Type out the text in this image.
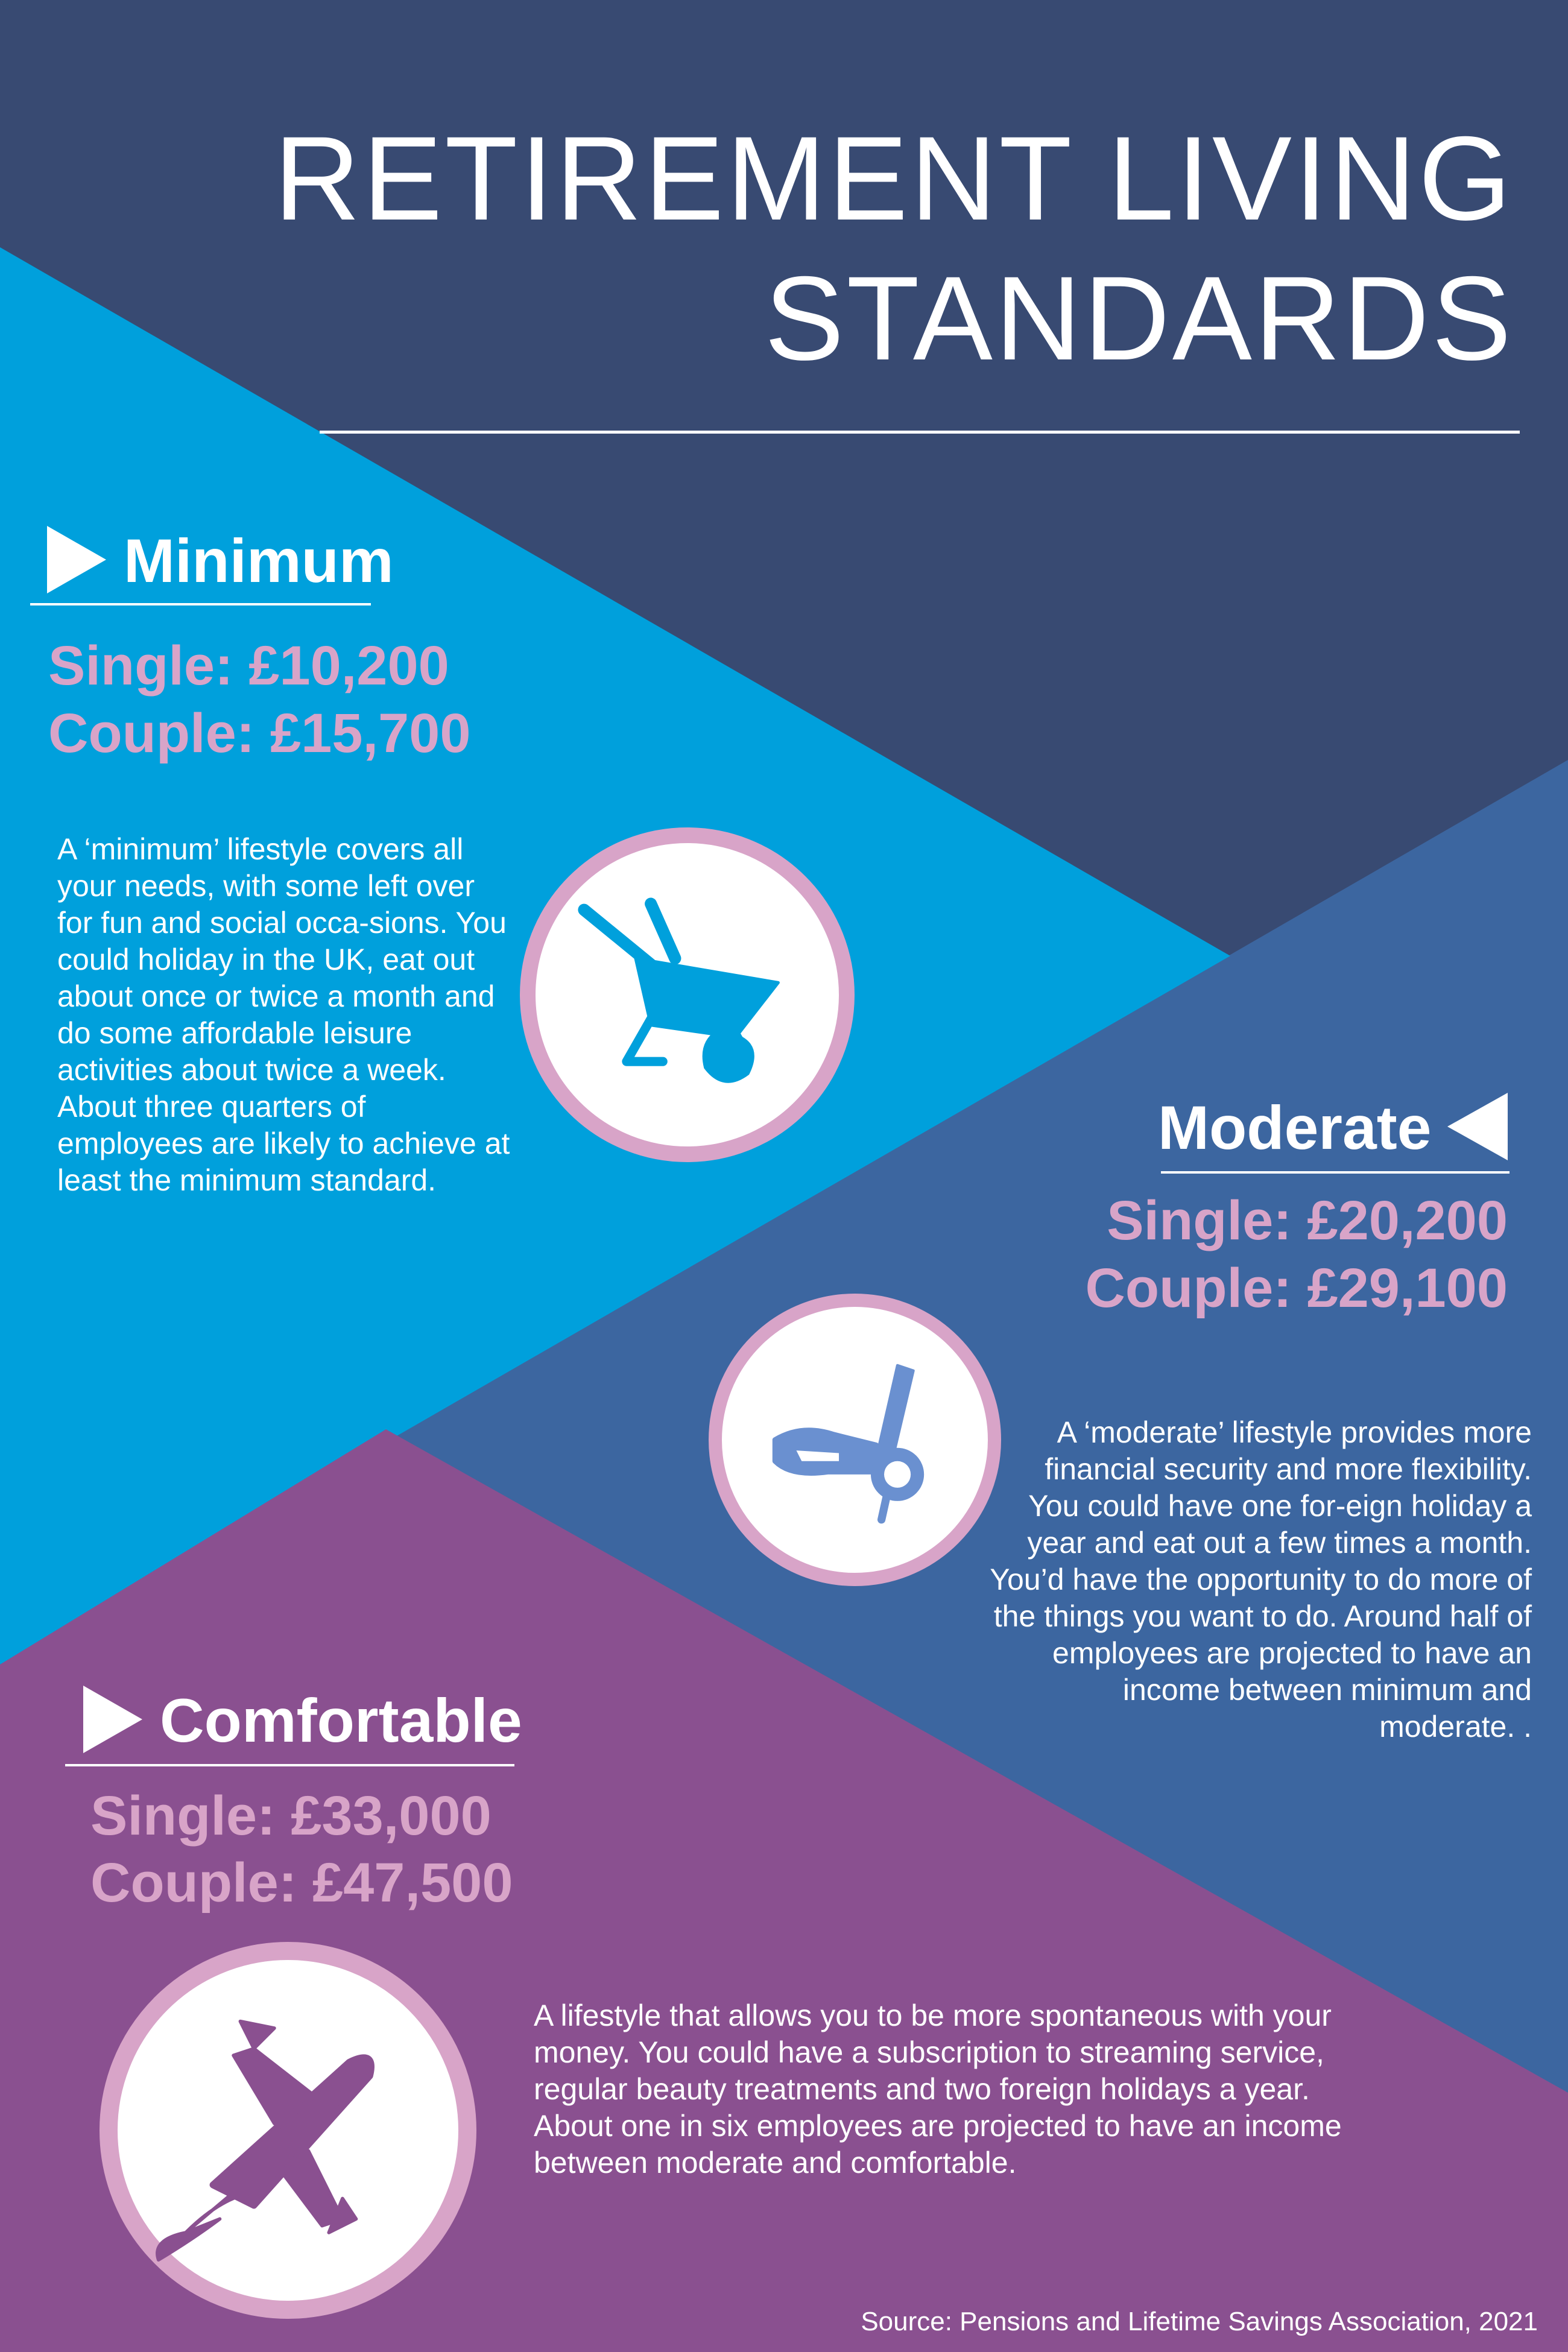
RETIREMENT LIVING
STANDARDS
Minimum
Single: £10,200
Couple: £15,700
A ‘minimum’ lifestyle covers all your needs, with some left over for fun and social occa-sions. You could holiday in the UK, eat out about once or twice a month and do some affordable leisure activities about twice a week. About three quarters of employees are likely to achieve at least the minimum standard.
Moderate
Single: £20,200
Couple: £29,100
A ‘moderate’ lifestyle provides more financial security and more flexibility. You could have one for-eign holiday a year and eat out a few times a month. You’d have the opportunity to do more of the things you want to do. Around half of employees are projected to have an income between minimum and moderate. .
Comfortable
Single: £33,000
Couple: £47,500
A lifestyle that allows you to be more spontaneous with your money. You could have a subscription to streaming service, regular beauty treatments and two foreign holidays a year. About one in six employees are projected to have an income between moderate and comfortable.
Source: Pensions and Lifetime Savings Association, 2021
